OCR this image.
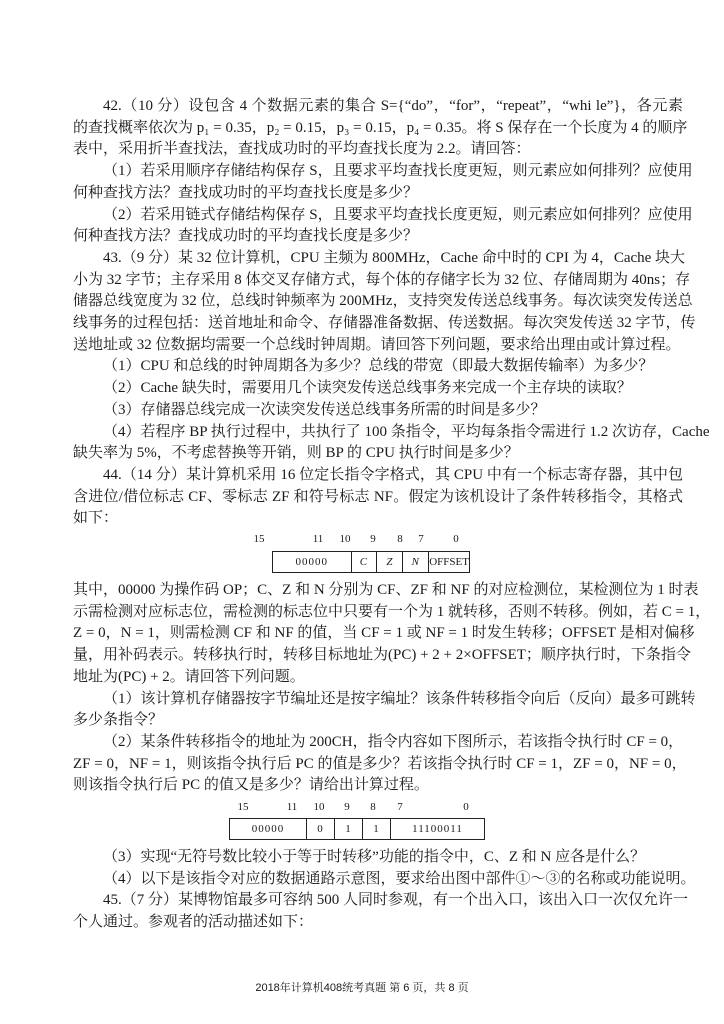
42.（10 分）设包含 4 个数据元素的集合 S={“do”，“for”，“repeat”，“whi le”}，各元素
的查找概率依次为 p₁ = 0.35，p₂ = 0.15，p₃ = 0.15，p₄ = 0.35。将 S 保存在一个长度为 4 的顺序
表中，采用折半查找法，查找成功时的平均查找长度为 2.2。请回答：
（1）若采用顺序存储结构保存 S，且要求平均查找长度更短，则元素应如何排列？应使用
何种查找方法？查找成功时的平均查找长度是多少？
（2）若采用链式存储结构保存 S，且要求平均查找长度更短，则元素应如何排列？应使用
何种查找方法？查找成功时的平均查找长度是多少？
43.（9 分）某 32 位计算机，CPU 主频为 800MHz，Cache 命中时的 CPI 为 4，Cache 块大
小为 32 字节；主存采用 8 体交叉存储方式，每个体的存储字长为 32 位、存储周期为 40ns；存
储器总线宽度为 32 位，总线时钟频率为 200MHz，支持突发传送总线事务。每次读突发传送总
线事务的过程包括：送首地址和命令、存储器准备数据、传送数据。每次突发传送 32 字节，传
送地址或 32 位数据均需要一个总线时钟周期。请回答下列问题，要求给出理由或计算过程。
（1）CPU 和总线的时钟周期各为多少？总线的带宽（即最大数据传输率）为多少？
（2）Cache 缺失时，需要用几个读突发传送总线事务来完成一个主存块的读取？
（3）存储器总线完成一次读突发传送总线事务所需的时间是多少？
（4）若程序 BP 执行过程中，共执行了 100 条指令，平均每条指令需进行 1.2 次访存，Cache
缺失率为 5%，不考虑替换等开销，则 BP 的 CPU 执行时间是多少？
44.（14 分）某计算机采用 16 位定长指令字格式，其 CPU 中有一个标志寄存器，其中包
含进位/借位标志 CF、零标志 ZF 和符号标志 NF。假定为该机设计了条件转移指令，其格式
如下：
15	11 10 9 8 7	0
00000	C	Z	N OFFSET
其中，00000 为操作码 OP；C、Z 和 N 分别为 CF、ZF 和 NF 的对应检测位，某检测位为 1 时表
示需检测对应标志位，需检测的标志位中只要有一个为 1 就转移，否则不转移。例如，若 C = 1，
Z = 0，N = 1，则需检测 CF 和 NF 的值，当 CF = 1 或 NF = 1 时发生转移；OFFSET 是相对偏移
量，用补码表示。转移执行时，转移目标地址为(PC) + 2 + 2×OFFSET；顺序执行时，下条指令
地址为(PC) + 2。请回答下列问题。
（1）该计算机存储器按字节编址还是按字编址？该条件转移指令向后（反向）最多可跳转
多少条指令？
（2）某条件转移指令的地址为 200CH，指令内容如下图所示，若该指令执行时 CF = 0，
ZF = 0，NF = 1，则该指令执行后 PC 的值是多少？若该指令执行时 CF = 1，ZF = 0，NF = 0，
则该指令执行后 PC 的值又是多少？请给出计算过程。
15	11 10 9 8 7	0
00000	0	1	1	11100011
（3）实现“无符号数比较小于等于时转移”功能的指令中，C、Z 和 N 应各是什么？
（4）以下是该指令对应的数据通路示意图，要求给出图中部件①～③的名称或功能说明。
45.（7 分）某博物馆最多可容纳 500 人同时参观，有一个出入口，该出入口一次仅允许一
个人通过。参观者的活动描述如下：
2018年计算机408统考真题 第 6 页，共 8 页
